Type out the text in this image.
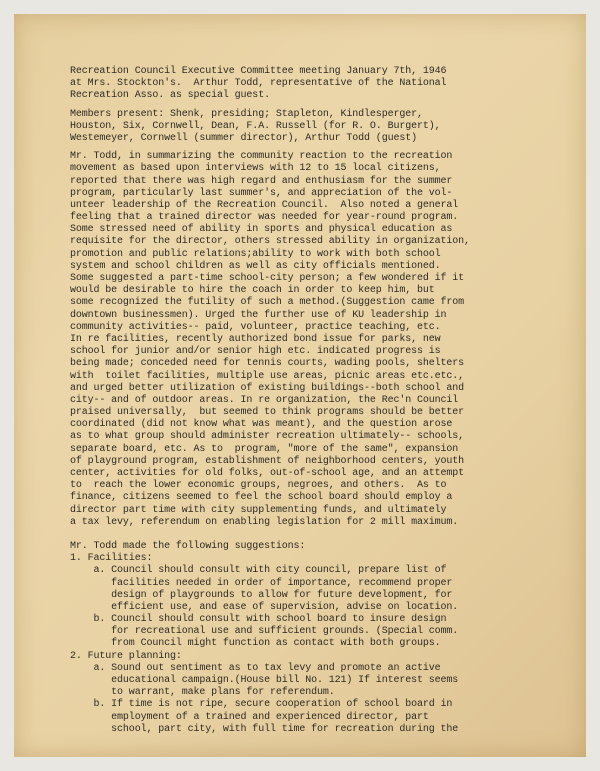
Recreation Council Executive Committee meeting January 7th, 1946
at Mrs. Stockton's.  Arthur Todd, representative of the National
Recreation Asso. as special guest.
Members present: Shenk, presiding; Stapleton, Kindlesperger,
Houston, Six, Cornwell, Dean, F.A. Russell (for R. O. Burgert),
Westemeyer, Cornwell (summer director), Arthur Todd (guest)
Mr. Todd, in summarizing the community reaction to the recreation
movement as based upon interviews with 12 to 15 local citizens,
reported that there was high regard and enthusiasm for the summer
program, particularly last summer's, and appreciation of the vol-
unteer leadership of the Recreation Council.  Also noted a general
feeling that a trained director was needed for year-round program.
Some stressed need of ability in sports and physical education as
requisite for the director, others stressed ability in organization,
promotion and public relations;ability to work with both school
system and school children as well as city officials mentioned.
Some suggested a part-time school-city person; a few wondered if it
would be desirable to hire the coach in order to keep him, but
some recognized the futility of such a method.(Suggestion came from
downtown businessmen). Urged the further use of KU leadership in
community activities-- paid, volunteer, practice teaching, etc.
In re facilities, recently authorized bond issue for parks, new
school for junior and/or senior high etc. indicated progress is
being made; conceded need for tennis courts, wading pools, shelters
with  toilet facilities, multiple use areas, picnic areas etc.etc.,
and urged better utilization of existing buildings--both school and
city-- and of outdoor areas. In re organization, the Rec'n Council
praised universally,  but seemed to think programs should be better
coordinated (did not know what was meant), and the question arose
as to what group should administer recreation ultimately-- schools,
separate board, etc. As to  program, "more of the same", expansion
of playground program, establishment of neighborhood centers, youth
center, activities for old folks, out-of-school age, and an attempt
to  reach the lower economic groups, negroes, and others.  As to
finance, citizens seemed to feel the school board should employ a
director part time with city supplementing funds, and ultimately
a tax levy, referendum on enabling legislation for 2 mill maximum.
Mr. Todd made the following suggestions:
1. Facilities:
a. Council should consult with city council, prepare list of
facilities needed in order of importance, recommend proper
design of playgrounds to allow for future development, for
efficient use, and ease of supervision, advise on location.
b. Council should consult with school board to insure design
for recreational use and sufficient grounds. (Special comm.
from Council might function as contact with both groups.
2. Future planning:
a. Sound out sentiment as to tax levy and promote an active
educational campaign.(House bill No. 121) If interest seems
to warrant, make plans for referendum.
b. If time is not ripe, secure cooperation of school board in
employment of a trained and experienced director, part
school, part city, with full time for recreation during the
